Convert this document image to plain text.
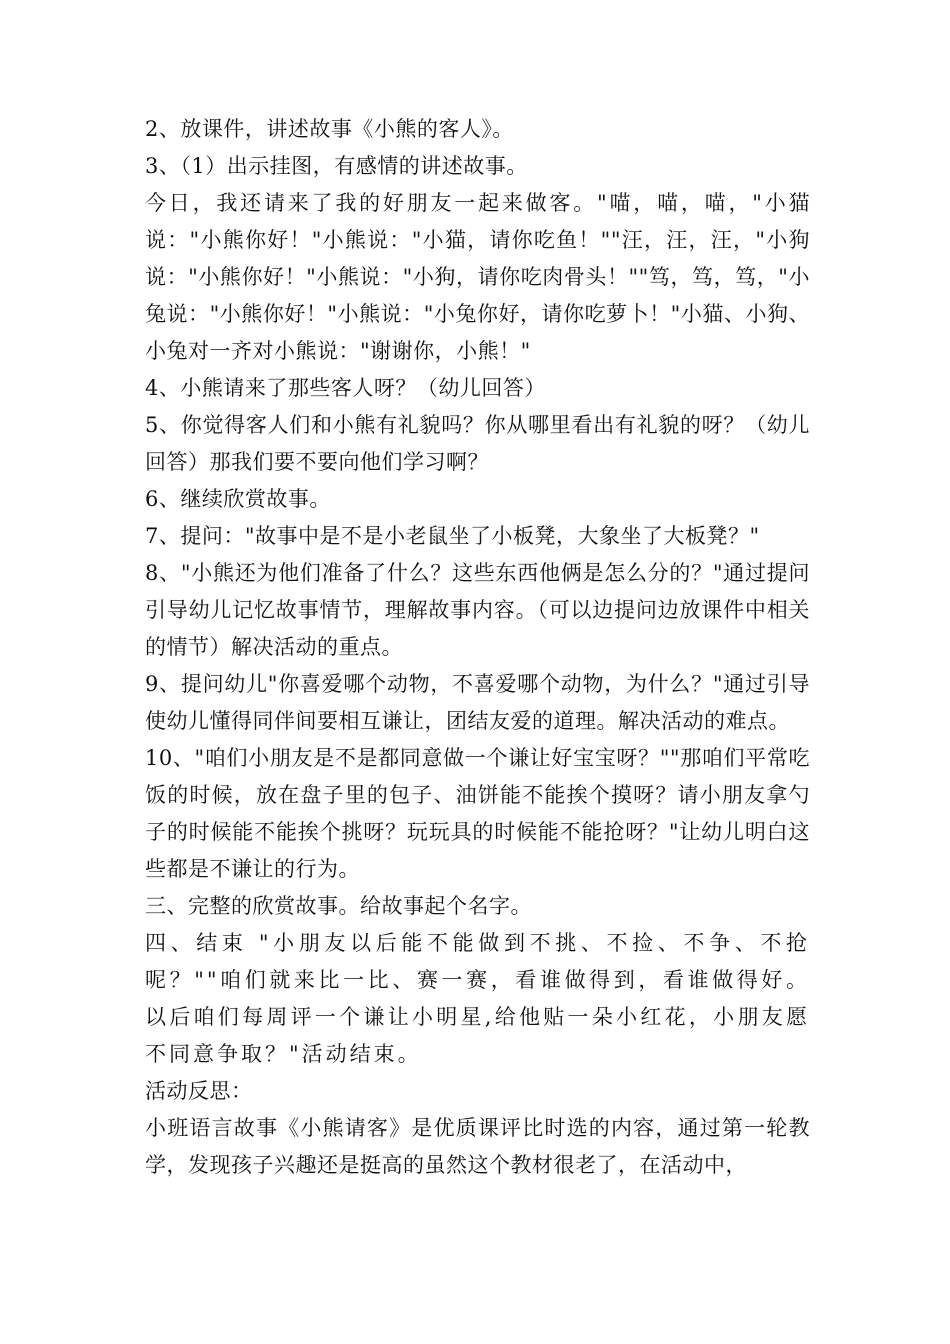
2、放课件，讲述故事《小熊的客人》。

3、（1）出示挂图，有感情的讲述故事。

今日，我还请来了我的好朋友一起来做客。"喵，喵，喵，"小猫说："小熊你好！"小熊说："小猫，请你吃鱼！""汪，汪，汪，"小狗说："小熊你好！"小熊说："小狗，请你吃肉骨头！""笃，笃，笃，"小兔说："小熊你好！"小熊说："小兔你好，请你吃萝卜！"小猫、小狗、小兔对一齐对小熊说："谢谢你，小熊！"

4、小熊请来了那些客人呀？（幼儿回答）

5、你觉得客人们和小熊有礼貌吗？你从哪里看出有礼貌的呀？（幼儿回答）那我们要不要向他们学习啊？

6、继续欣赏故事。

7、提问："故事中是不是小老鼠坐了小板凳，大象坐了大板凳？"

8、"小熊还为他们准备了什么？这些东西他俩是怎么分的？"通过提问引导幼儿记忆故事情节，理解故事内容。（可以边提问边放课件中相关的情节）解决活动的重点。

9、提问幼儿"你喜爱哪个动物，不喜爱哪个动物，为什么？"通过引导使幼儿懂得同伴间要相互谦让，团结友爱的道理。解决活动的难点。

10、"咱们小朋友是不是都同意做一个谦让好宝宝呀？""那咱们平常吃饭的时候，放在盘子里的包子、油饼能不能挨个摸呀？请小朋友拿勺子的时候能不能挨个挑呀？玩玩具的时候能不能抢呀？"让幼儿明白这些都是不谦让的行为。

三、完整的欣赏故事。给故事起个名字。

四、结束 "小朋友以后能不能做到不挑、不捡、不争、不抢呢？""咱们就来比一比、赛一赛，看谁做得到，看谁做得好。以后咱们每周评一个谦让小明星,给他贴一朵小红花，小朋友愿不同意争取？"活动结束。

活动反思：

小班语言故事《小熊请客》是优质课评比时选的内容，通过第一轮教学，发现孩子兴趣还是挺高的虽然这个教材很老了，在活动中，
